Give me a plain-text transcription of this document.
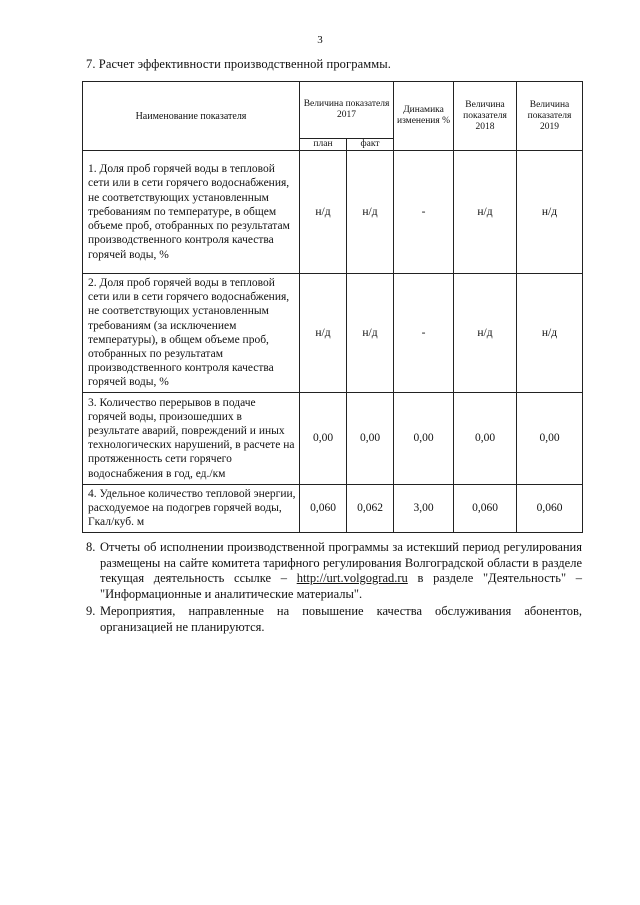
3
7. Расчет эффективности производственной программы.
Наименование показателя	Величина показателя 2017		Динамика изменения %	Величина показателя 2018	Величина показателя 2019
	план	факт			
1. Доля проб горячей воды в тепловой сети или в сети горячего водоснабжения, не соответствующих установленным требованиям по температуре, в общем объеме проб, отобранных по результатам производственного контроля качества горячей воды, %	н/д	н/д	-	н/д	н/д
2. Доля проб горячей воды в тепловой сети или в сети горячего водоснабжения, не соответствующих установленным требованиям (за исключением температуры), в общем объеме проб, отобранных по результатам производственного контроля качества горячей воды, %	н/д	н/д	-	н/д	н/д
3. Количество перерывов в подаче горячей воды, произошедших в результате аварий, повреждений и иных технологических нарушений, в расчете на протяженность сети горячего водоснабжения в год, ед./км	0,00	0,00	0,00	0,00	0,00
4. Удельное количество тепловой энергии, расходуемое на подогрев горячей воды, Гкал/куб. м	0,060	0,062	3,00	0,060	0,060
8. Отчеты об исполнении производственной программы за истекший период регулирования размещены на сайте комитета тарифного регулирования Волгоградской области в разделе текущая деятельность ссылке – http://urt.volgograd.ru в разделе "Деятельность" – "Информационные и аналитические материалы".
9. Мероприятия, направленные на повышение качества обслуживания абонентов, организацией не планируются.
